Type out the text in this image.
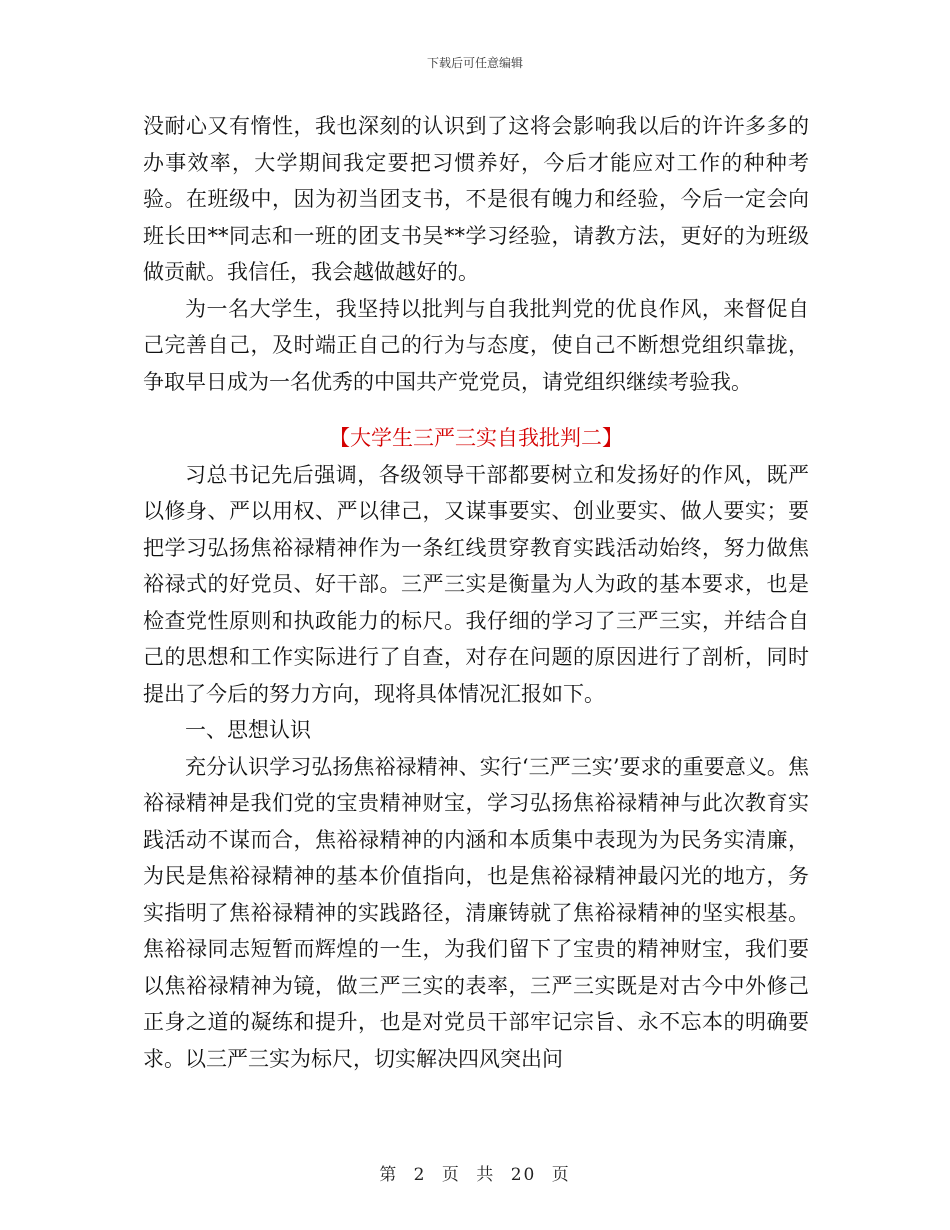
下载后可任意编辑

没耐心又有惰性，我也深刻的认识到了这将会影响我以后的许许多多的办事效率，大学期间我定要把习惯养好，今后才能应对工作的种种考验。在班级中，因为初当团支书，不是很有魄力和经验，今后一定会向班长田**同志和一班的团支书吴**学习经验，请教方法，更好的为班级做贡献。我信任，我会越做越好的。

为一名大学生，我坚持以批判与自我批判党的优良作风，来督促自己完善自己，及时端正自己的行为与态度，使自己不断想党组织靠拢，争取早日成为一名优秀的中国共产党党员，请党组织继续考验我。

【大学生三严三实自我批判二】

习总书记先后强调，各级领导干部都要树立和发扬好的作风，既严以修身、严以用权、严以律己，又谋事要实、创业要实、做人要实；要把学习弘扬焦裕禄精神作为一条红线贯穿教育实践活动始终，努力做焦裕禄式的好党员、好干部。三严三实是衡量为人为政的基本要求，也是检查党性原则和执政能力的标尺。我仔细的学习了三严三实，并结合自己的思想和工作实际进行了自查，对存在问题的原因进行了剖析，同时提出了今后的努力方向，现将具体情况汇报如下。

一、思想认识

充分认识学习弘扬焦裕禄精神、实行‘三严三实’要求的重要意义。焦裕禄精神是我们党的宝贵精神财宝，学习弘扬焦裕禄精神与此次教育实践活动不谋而合，焦裕禄精神的内涵和本质集中表现为为民务实清廉，为民是焦裕禄精神的基本价值指向，也是焦裕禄精神最闪光的地方，务实指明了焦裕禄精神的实践路径，清廉铸就了焦裕禄精神的坚实根基。焦裕禄同志短暂而辉煌的一生，为我们留下了宝贵的精神财宝，我们要以焦裕禄精神为镜，做三严三实的表率，三严三实既是对古今中外修己正身之道的凝练和提升，也是对党员干部牢记宗旨、永不忘本的明确要求。以三严三实为标尺，切实解决四风突出问

第 2 页 共 20 页
